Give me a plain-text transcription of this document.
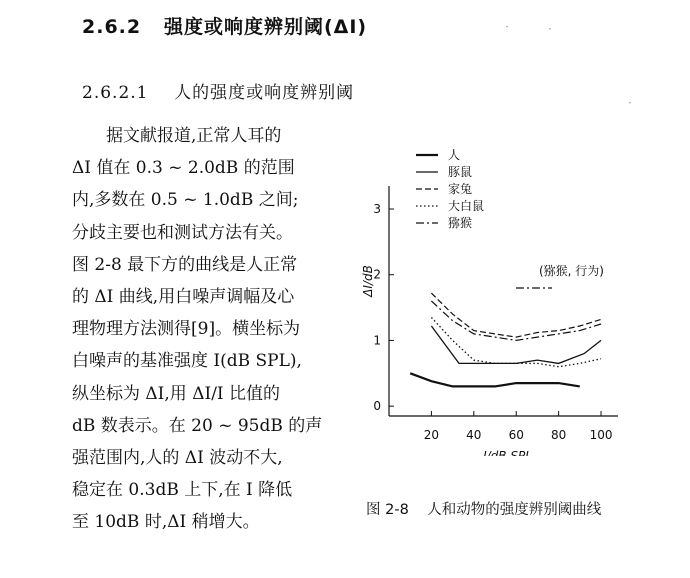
2.6.2 强度或响度辨别阈(ΔI)
2.6.2.1 人的强度或响度辨别阈
·	·
·
据文献报道,正常人耳的
ΔI 值在 0.3 ~ 2.0dB 的范围
内,多数在 0.5 ~ 1.0dB 之间;
分歧主要也和测试方法有关。
图 2-8 最下方的曲线是人正常
的 ΔI 曲线,用白噪声调幅及心
理物理方法测得[9]。横坐标为
白噪声的基准强度 I(dB SPL),
纵坐标为 ΔI,用 ΔI/I 比值的
dB 数表示。在 20 ~ 95dB 的声
强范围内,人的 ΔI 波动不大,
稳定在 0.3dB 上下,在 I 降低
至 10dB 时,ΔI 稍增大。
0
1
2
3
20 40 60 80 100
I/dB SPL
ΔI/dB
人
豚鼠
家兔
大白鼠
猕猴
(猕猴, 行为)
图 2-8 人和动物的强度辨别阈曲线
